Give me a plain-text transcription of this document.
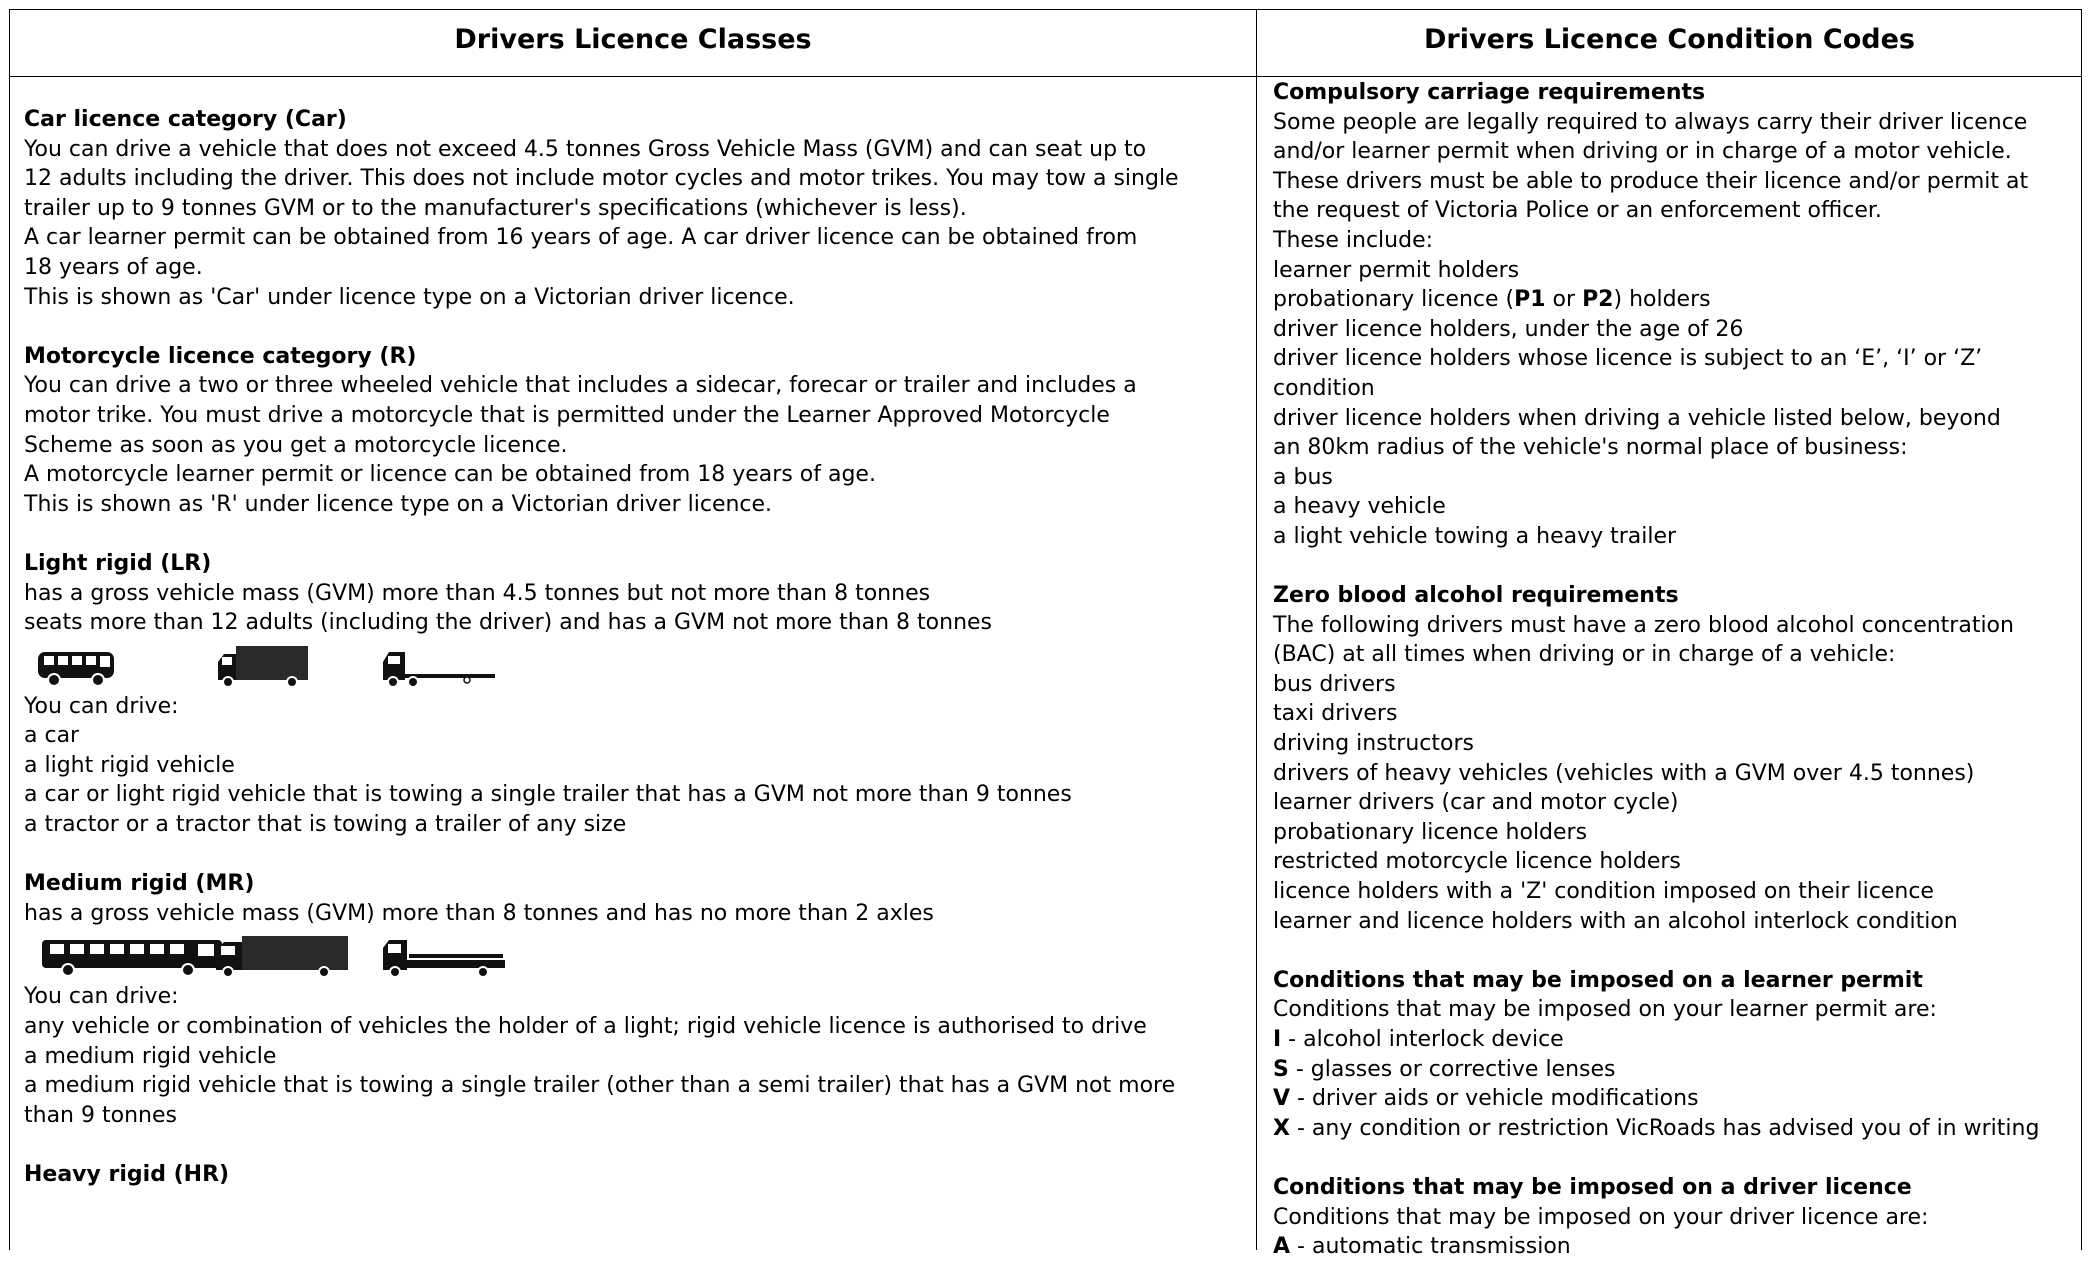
Drivers Licence Classes	Drivers Licence Condition Codes
Car licence category (Car)
You can drive a vehicle that does not exceed 4.5 tonnes Gross Vehicle Mass (GVM) and can seat up to
12 adults including the driver. This does not include motor cycles and motor trikes. You may tow a single
trailer up to 9 tonnes GVM or to the manufacturer's specifications (whichever is less).
A car learner permit can be obtained from 16 years of age. A car driver licence can be obtained from
18 years of age.
This is shown as 'Car' under licence type on a Victorian driver licence.
Motorcycle licence category (R)
You can drive a two or three wheeled vehicle that includes a sidecar, forecar or trailer and includes a
motor trike. You must drive a motorcycle that is permitted under the Learner Approved Motorcycle
Scheme as soon as you get a motorcycle licence.
A motorcycle learner permit or licence can be obtained from 18 years of age.
This is shown as 'R' under licence type on a Victorian driver licence.
Light rigid (LR)
has a gross vehicle mass (GVM) more than 4.5 tonnes but not more than 8 tonnes
seats more than 12 adults (including the driver) and has a GVM not more than 8 tonnes
You can drive:
a car
a light rigid vehicle
a car or light rigid vehicle that is towing a single trailer that has a GVM not more than 9 tonnes
a tractor or a tractor that is towing a trailer of any size
Medium rigid (MR)
has a gross vehicle mass (GVM) more than 8 tonnes and has no more than 2 axles
You can drive:
any vehicle or combination of vehicles the holder of a light; rigid vehicle licence is authorised to drive
a medium rigid vehicle
a medium rigid vehicle that is towing a single trailer (other than a semi trailer) that has a GVM not more
than 9 tonnes
Heavy rigid (HR)
Compulsory carriage requirements
Some people are legally required to always carry their driver licence
and/or learner permit when driving or in charge of a motor vehicle.
These drivers must be able to produce their licence and/or permit at
the request of Victoria Police or an enforcement officer.
These include:
learner permit holders
probationary licence (P1 or P2) holders
driver licence holders, under the age of 26
driver licence holders whose licence is subject to an ‘E’, ‘I’ or ‘Z’
condition
driver licence holders when driving a vehicle listed below, beyond
an 80km radius of the vehicle's normal place of business:
a bus
a heavy vehicle
a light vehicle towing a heavy trailer
Zero blood alcohol requirements
The following drivers must have a zero blood alcohol concentration
(BAC) at all times when driving or in charge of a vehicle:
bus drivers
taxi drivers
driving instructors
drivers of heavy vehicles (vehicles with a GVM over 4.5 tonnes)
learner drivers (car and motor cycle)
probationary licence holders
restricted motorcycle licence holders
licence holders with a 'Z' condition imposed on their licence
learner and licence holders with an alcohol interlock condition
Conditions that may be imposed on a learner permit
Conditions that may be imposed on your learner permit are:
I - alcohol interlock device
S - glasses or corrective lenses
V - driver aids or vehicle modifications
X - any condition or restriction VicRoads has advised you of in writing
Conditions that may be imposed on a driver licence
Conditions that may be imposed on your driver licence are:
A - automatic transmission
